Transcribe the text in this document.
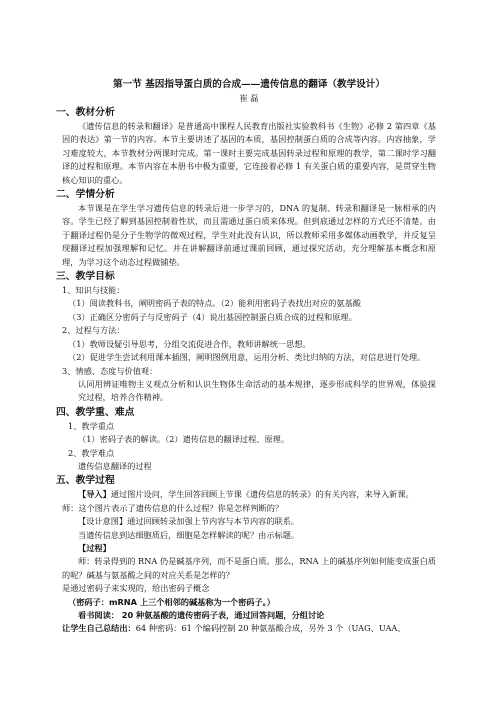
第一节 基因指导蛋白质的合成——遗传信息的翻译（教学设计）

崔 磊

一、教材分析

《遗传信息的转录和翻译》是普通高中课程人民教育出版社实验教科书《生物》必修 2 第四章《基因的表达》第一节的内容。本节主要讲述了基因的本质，基因控制蛋白质的合成等内容。内容抽象，学习难度较大，本节教材分两课时完成。第一课时主要完成基因转录过程和原理的教学，第二课时学习翻译的过程和原理。本节内容在本册书中极为重要，它连接着必修 1 有关蛋白质的重要内容，是贯穿生物核心知识的重心。

二、学情分析

本节课是在学生学习遗传信息的转录后进一步学习的，DNA 的复制、转录和翻译是一脉相承的内容。学生已经了解到基因控制着性状，而且需通过蛋白质来体现。但到底通过怎样的方式还不清楚。由于翻译过程仍是分子生物学的微观过程，学生对此没有认识，所以教师采用多媒体动画教学，并反复呈现翻译过程加强理解和记忆。并在讲解翻译前通过课前回顾，通过探究活动，充分理解基本概念和原理，为学习这个动态过程做铺垫。

三、教学目标

1、知识与技能：

（1）阅读教科书，阐明密码子表的特点。（2）能利用密码子表找出对应的氨基酸

（3）正确区分密码子与反密码子（4）说出基因控制蛋白质合成的过程和原理。

2、过程与方法：

（1）教师设疑引导思考，分组交流促进合作，教师讲解统一思想。

（2）促进学生尝试利用课本插图，阐明图例用意，运用分析、类比归纳的方法，对信息进行处理。

3、情感、态度与价值观：

认同用辨证唯物主义观点分析和认识生物体生命活动的基本规律，逐步形成科学的世界观，体验探究过程，培养合作精神。

四、教学重、难点

1、教学重点

（1）密码子表的解读。（2）遗传信息的翻译过程、原理。

2、教学难点

遗传信息翻译的过程

五、教学过程

【导入】通过图片设问，学生回答回顾上节课《遗传信息的转录》的有关内容，来导入新课。

师：这个图片表示了遗传信息的什么过程？你是怎样判断的？

【设计意图】通过回顾转录加强上节内容与本节内容的联系。

当遗传信息到达细胞质后，细胞是怎样解读的呢？由示标题。

【过程】

师：转录得到的 RNA 仍是碱基序列，而不是蛋白质。那么，RNA 上的碱基序列如何能变成蛋白质的呢？碱基与氨基酸之间的对应关系是怎样的？

是通过密码子来实现的，给出密码子概念

（密码子：mRNA 上三个相邻的碱基称为一个密码子。）

看书阅读： 20 种氨基酸的遗传密码子表，通过回答问题，分组讨论

让学生自己总结出：64 种密码：61 个编码控制 20 种氨基酸合成，另外 3 个（UAG、UAA、
